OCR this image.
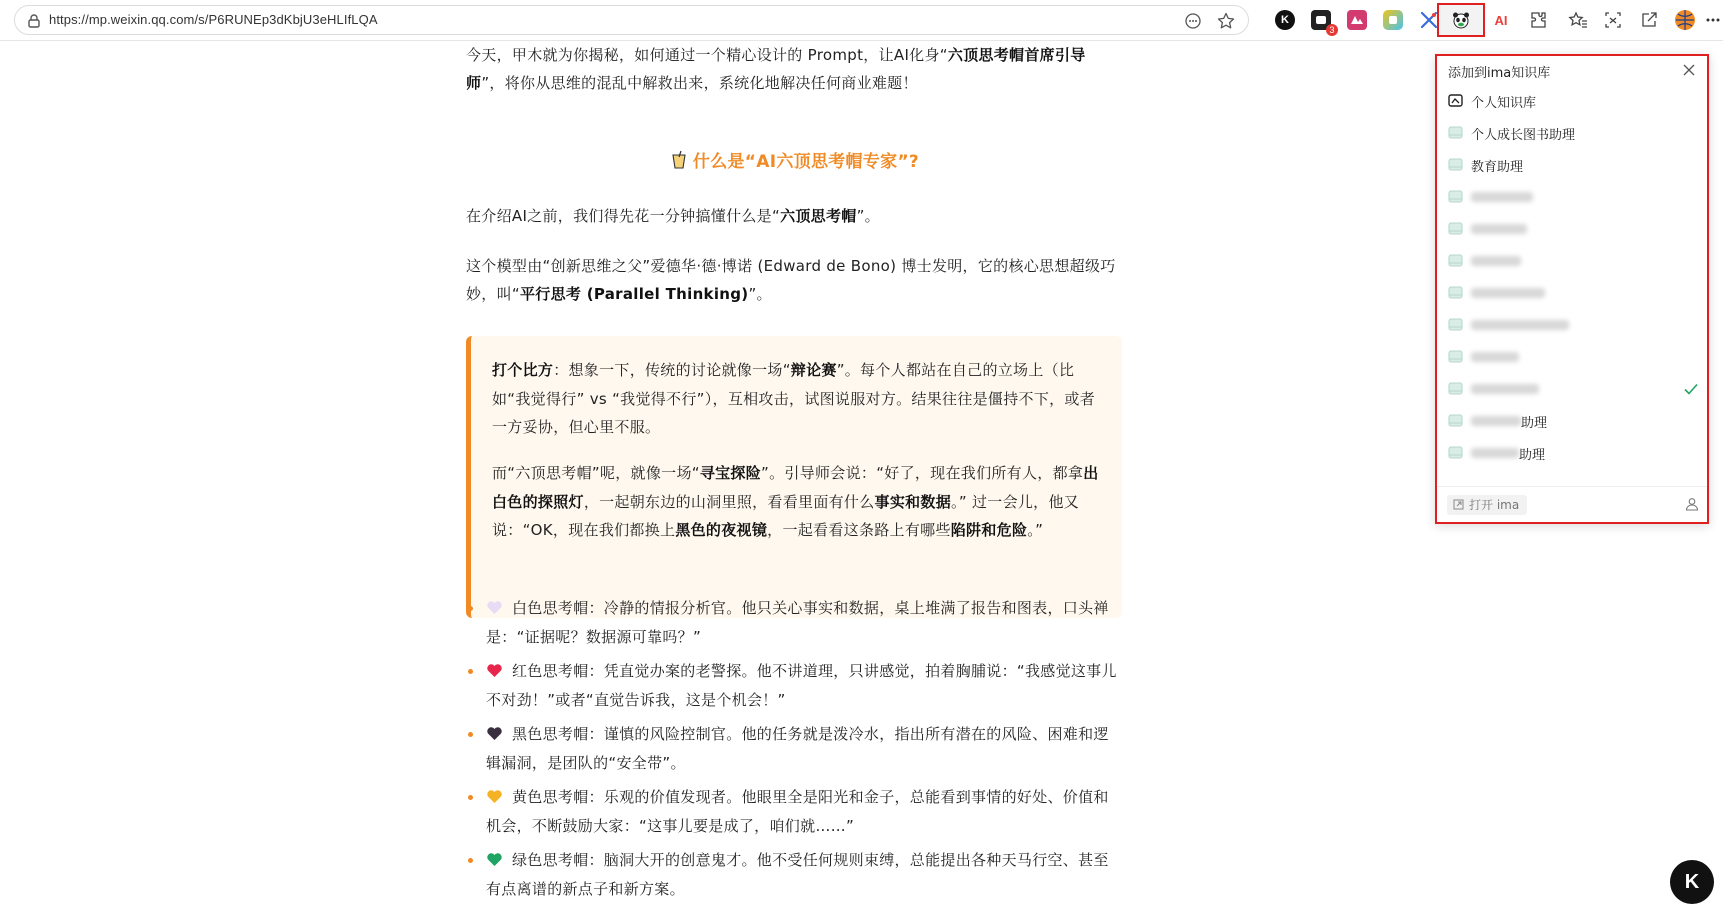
https://mp.weixin.qq.com/s/P6RUNEp3dKbjU3eHLIfLQA	K
3
AI

今天，甲木就为你揭秘，如何通过一个精心设计的 Prompt，让AI化身“六顶思考帽首席引导师”，将你从思维的混乱中解救出来，系统化地解决任何商业难题！

什么是“AI六顶思考帽专家”?

在介绍AI之前，我们得先花一分钟搞懂什么是“六顶思考帽”。

这个模型由“创新思维之父”爱德华·德·博诺 (Edward de Bono) 博士发明，它的核心思想超级巧妙，叫“平行思考 (Parallel Thinking)”。

打个比方：想象一下，传统的讨论就像一场“辩论赛”。每个人都站在自己的立场上（比如“我觉得行” vs “我觉得不行”），互相攻击，试图说服对方。结果往往是僵持不下，或者一方妥协，但心里不服。

而“六顶思考帽”呢，就像一场“寻宝探险”。引导师会说：“好了，现在我们所有人，都拿出白色的探照灯，一起朝东边的山洞里照，看看里面有什么事实和数据。” 过一会儿，他又说：“OK，现在我们都换上黑色的夜视镜，一起看看这条路上有哪些陷阱和危险。”

白色思考帽：冷静的情报分析官。他只关心事实和数据，桌上堆满了报告和图表，口头禅是：“证据呢？数据源可靠吗？”
红色思考帽：凭直觉办案的老警探。他不讲道理，只讲感觉，拍着胸脯说：“我感觉这事儿不对劲！”或者“直觉告诉我，这是个机会！”
黑色思考帽：谨慎的风险控制官。他的任务就是泼冷水，指出所有潜在的风险、困难和逻辑漏洞，是团队的“安全带”。
黄色思考帽：乐观的价值发现者。他眼里全是阳光和金子，总能看到事情的好处、价值和机会，不断鼓励大家：“这事儿要是成了，咱们就……”
绿色思考帽：脑洞大开的创意鬼才。他不受任何规则束缚，总能提出各种天马行空、甚至有点离谱的新点子和新方案。
添加到ima知识库
个人知识库
个人成长图书助理
教育助理
助理
助理
打开 ima
K
